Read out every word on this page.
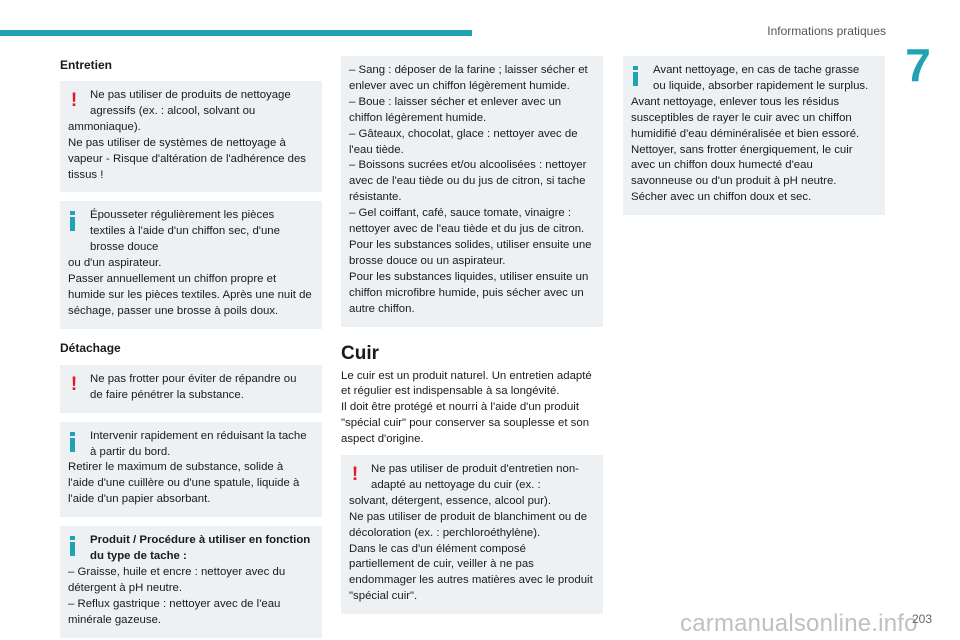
Informations pratiques
7

Entretien

!	Ne pas utiliser de produits de nettoyage agressifs (ex. : alcool, solvant ou
ammoniaque).
Ne pas utiliser de systèmes de nettoyage à vapeur - Risque d'altération de l'adhérence des tissus !

Épousseter régulièrement les pièces textiles à l'aide d'un chiffon sec, d'une brosse douce
ou d'un aspirateur.
Passer annuellement un chiffon propre et humide sur les pièces textiles. Après une nuit de séchage, passer une brosse à poils doux.

Détachage

!	Ne pas frotter pour éviter de répandre ou de faire pénétrer la substance.

Intervenir rapidement en réduisant la tache à partir du bord.
Retirer le maximum de substance, solide à l'aide d'une cuillère ou d'une spatule, liquide à l'aide d'un papier absorbant.

Produit / Procédure à utiliser en fonction du type de tache :
– Graisse, huile et encre : nettoyer avec du détergent à pH neutre.
– Reflux gastrique : nettoyer avec de l'eau minérale gazeuse.

– Sang : déposer de la farine ; laisser sécher et enlever avec un chiffon légèrement humide.
– Boue : laisser sécher et enlever avec un chiffon légèrement humide.
– Gâteaux, chocolat, glace : nettoyer avec de l'eau tiède.
– Boissons sucrées et/ou alcoolisées : nettoyer avec de l'eau tiède ou du jus de citron, si tache résistante.
– Gel coiffant, café, sauce tomate, vinaigre : nettoyer avec de l'eau tiède et du jus de citron.
Pour les substances solides, utiliser ensuite une brosse douce ou un aspirateur.
Pour les substances liquides, utiliser ensuite un chiffon microfibre humide, puis sécher avec un autre chiffon.

Cuir

Le cuir est un produit naturel. Un entretien adapté et régulier est indispensable à sa longévité.
Il doit être protégé et nourri à l'aide d'un produit "spécial cuir" pour conserver sa souplesse et son aspect d'origine.

!	Ne pas utiliser de produit d'entretien non-adapté au nettoyage du cuir (ex. :
solvant, détergent, essence, alcool pur).
Ne pas utiliser de produit de blanchiment ou de décoloration (ex. : perchloroéthylène).
Dans le cas d'un élément composé partiellement de cuir, veiller à ne pas endommager les autres matières avec le produit "spécial cuir".

Avant nettoyage, en cas de tache grasse ou liquide, absorber rapidement le surplus.
Avant nettoyage, enlever tous les résidus susceptibles de rayer le cuir avec un chiffon humidifié d'eau déminéralisée et bien essoré.
Nettoyer, sans frotter énergiquement, le cuir avec un chiffon doux humecté d'eau savonneuse ou d'un produit à pH neutre.
Sécher avec un chiffon doux et sec.

carmanualsonline.info
203
